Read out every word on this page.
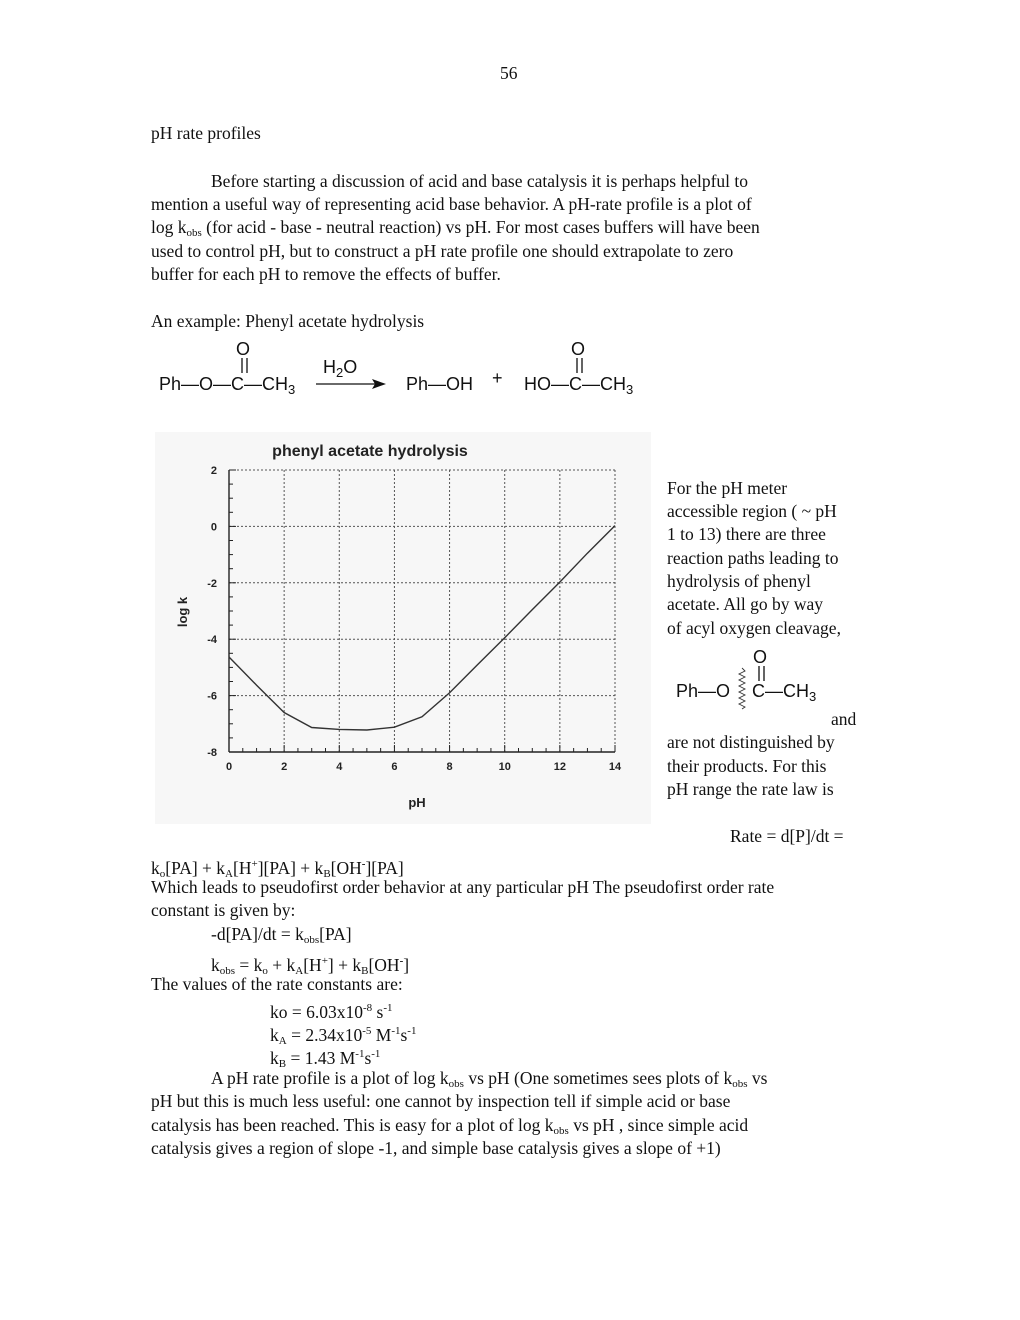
56
pH rate profiles
Before starting a discussion of acid and base catalysis it is perhaps helpful to
mention a useful way of representing acid base behavior. A pH-rate profile is a plot of
$\log k_{obs}$ (for acid - base - neutral reaction) vs pH. For most cases buffers will have been
used to control pH, but to construct a pH rate profile one should extrapolate to zero
buffer for each pH to remove the effects of buffer.
An example: Phenyl acetate hydrolysis
O
$Ph—O—C—CH_3$
$H_2O$
Ph—OH +
O
$HO—C—CH_3$
phenyl acetate hydrolysis
0	2	4	6	8	10	12	14
2
0
-2
-4
-6
-8
pH
log k
For the pH meter
accessible region ( ~ pH
1 to 13) there are three
reaction paths leading to
hydrolysis of phenyl
acetate. All go by way
of acyl oxygen cleavage,
and
are not distinguished by
their products. For this
pH range the rate law is
O
Ph—O $C—CH_3$
Rate = d[P]/dt =
$k_o[PA] + k_A[H^+][PA] + k_B[OH^-][PA]$
Which leads to pseudofirst order behavior at any particular pH The pseudofirst order rate
constant is given by:
$-d[PA]/dt = k_{obs}[PA]$
$k_{obs} = k_o + k_A[H^+] + k_B[OH^-]$
The values of the rate constants are:
ko = $6.03x10^{-8}$ $s^{-1}$
$k_A = 2.34x10^{-5}$ $M^{-1}s^{-1}$
$k_B = 1.43$ $M^{-1}s^{-1}$
A pH rate profile is a plot of $\log k_{obs}$ vs pH (One sometimes sees plots of $k_{obs}$ vs
pH but this is much less useful: one cannot by inspection tell if simple acid or base
catalysis has been reached. This is easy for a plot of $\log k_{obs}$ vs pH , since simple acid
catalysis gives a region of slope -1, and simple base catalysis gives a slope of +1)
